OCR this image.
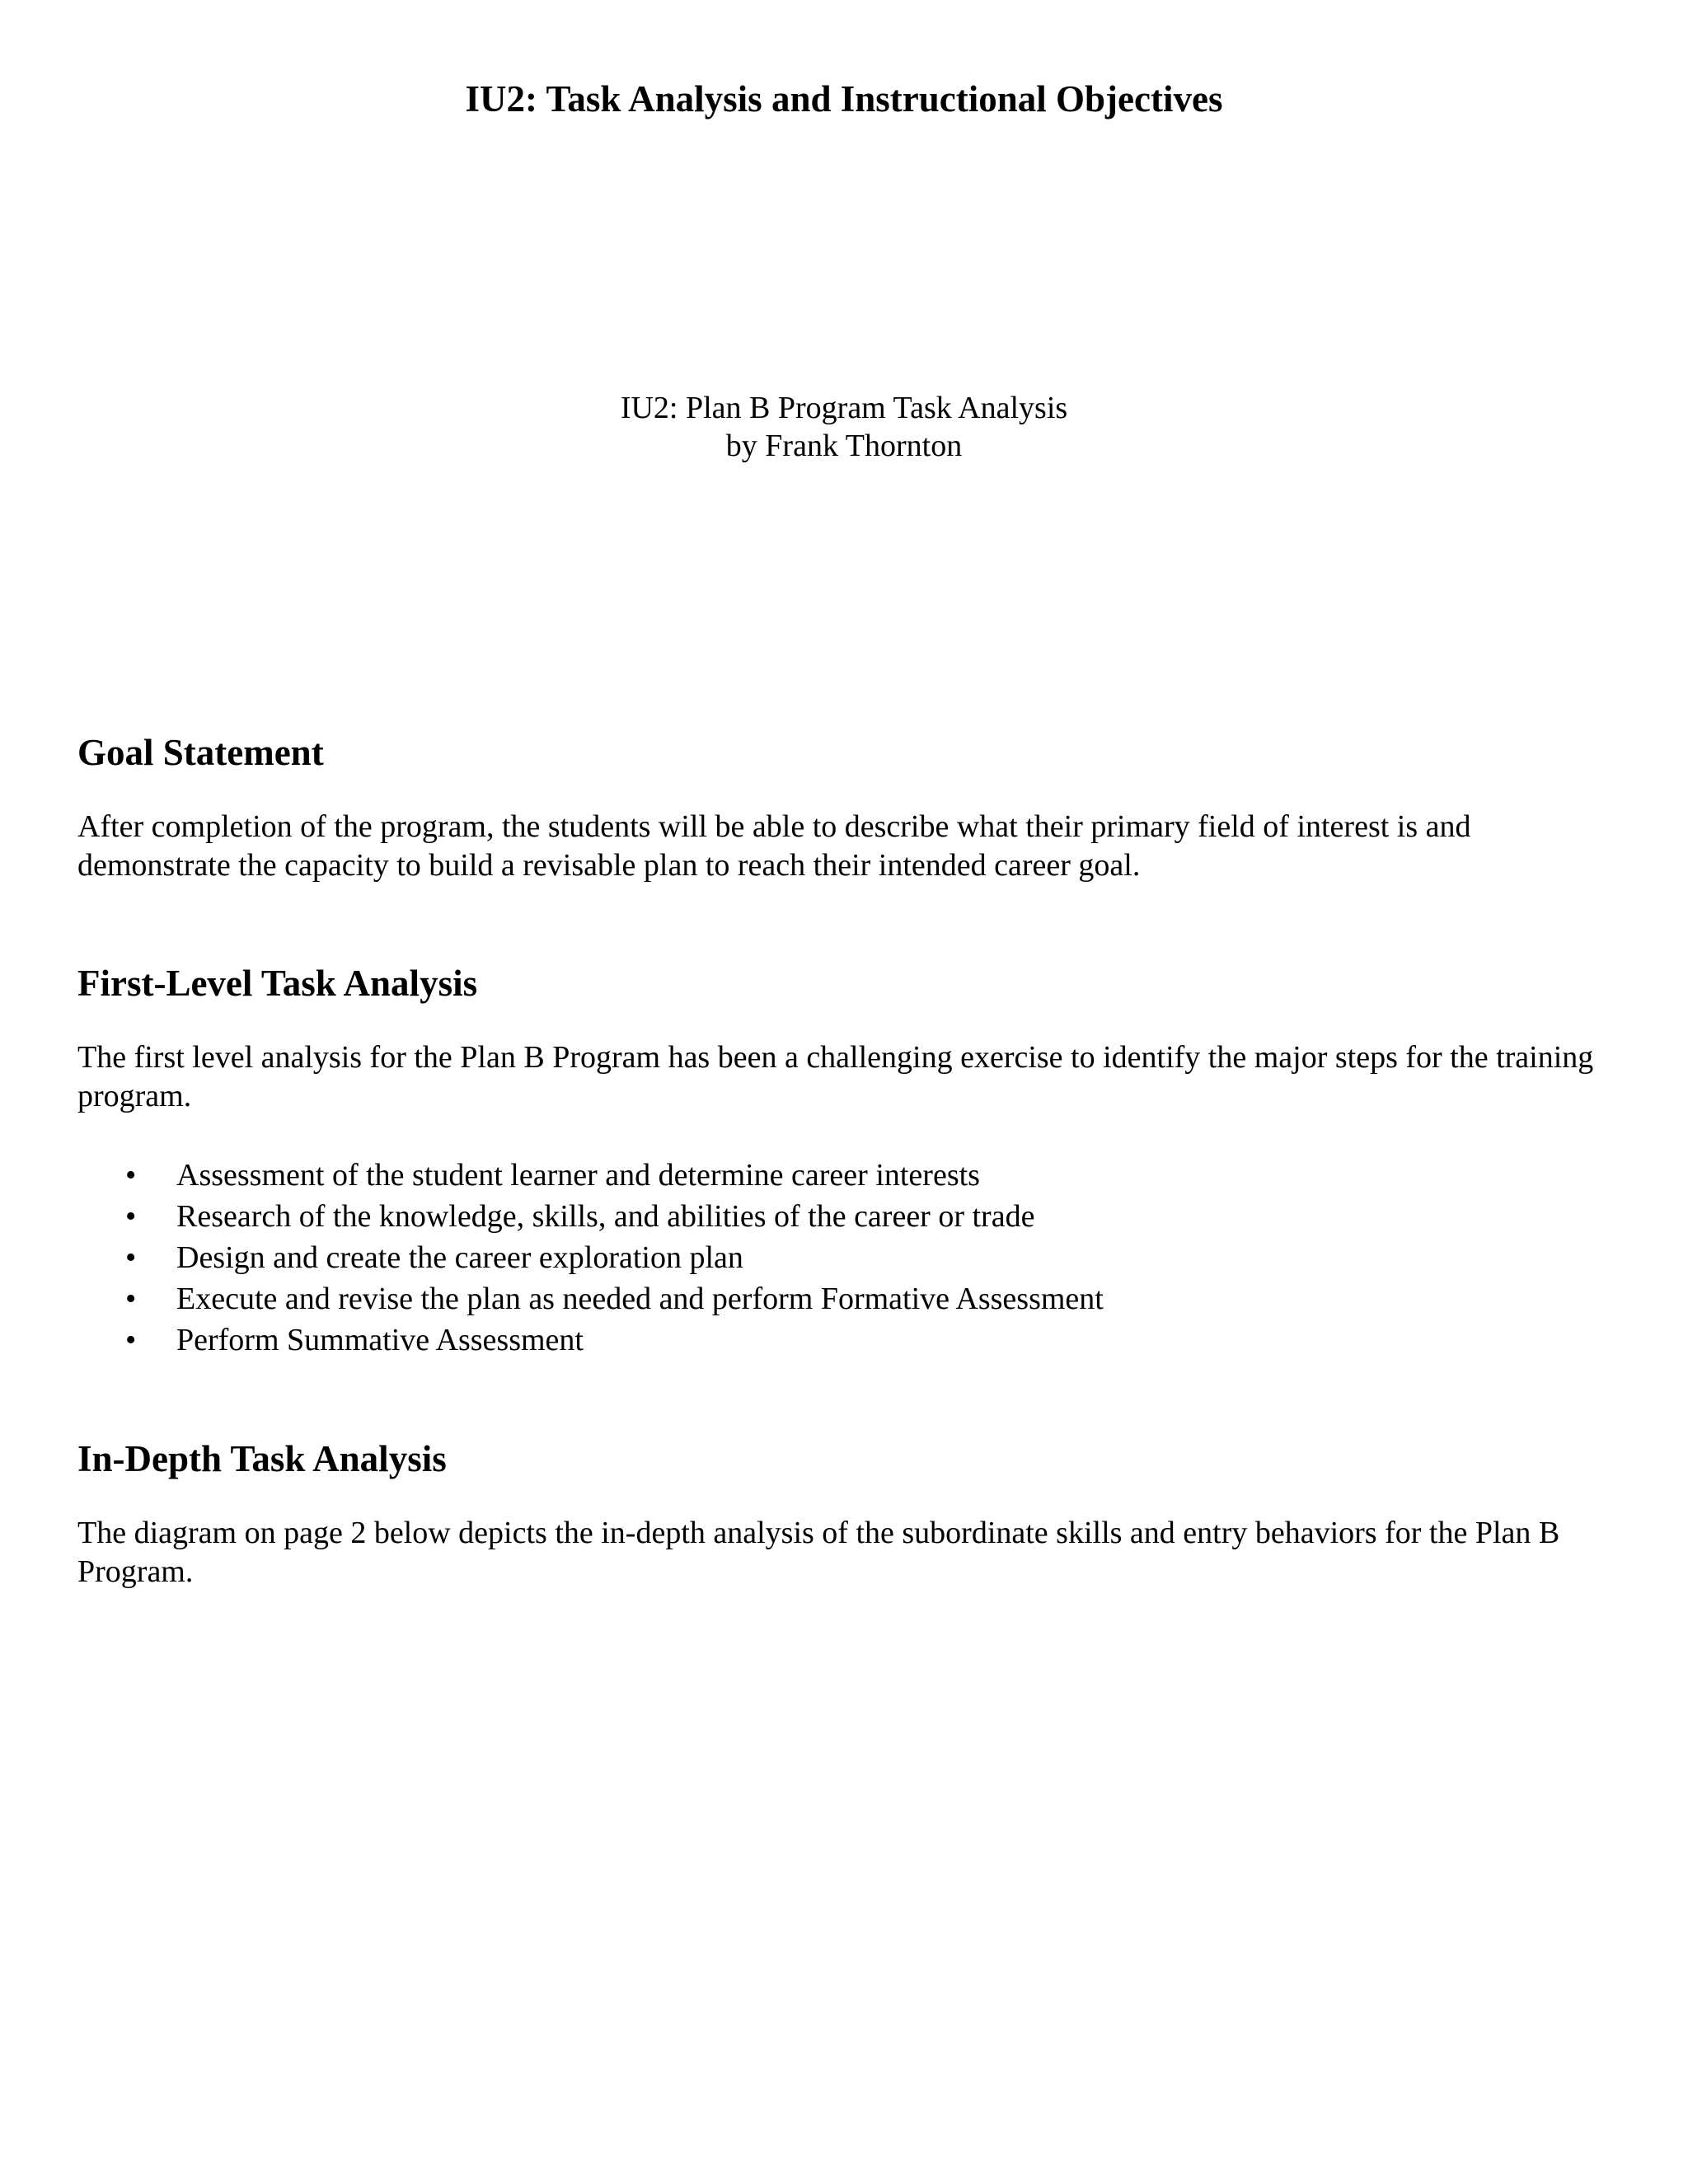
IU2: Task Analysis and Instructional Objectives
IU2: Plan B Program Task Analysis
by Frank Thornton
Goal Statement

After completion of the program, the students will be able to describe what their primary field of interest is and demonstrate the capacity to build a revisable plan to reach their intended career goal.

First-Level Task Analysis

The first level analysis for the Plan B Program has been a challenging exercise to identify the major steps for the training program.

• Assessment of the student learner and determine career interests
• Research of the knowledge, skills, and abilities of the career or trade
• Design and create the career exploration plan
• Execute and revise the plan as needed and perform Formative Assessment
• Perform Summative Assessment
In-Depth Task Analysis

The diagram on page 2 below depicts the in-depth analysis of the subordinate skills and entry behaviors for the Plan B Program.
